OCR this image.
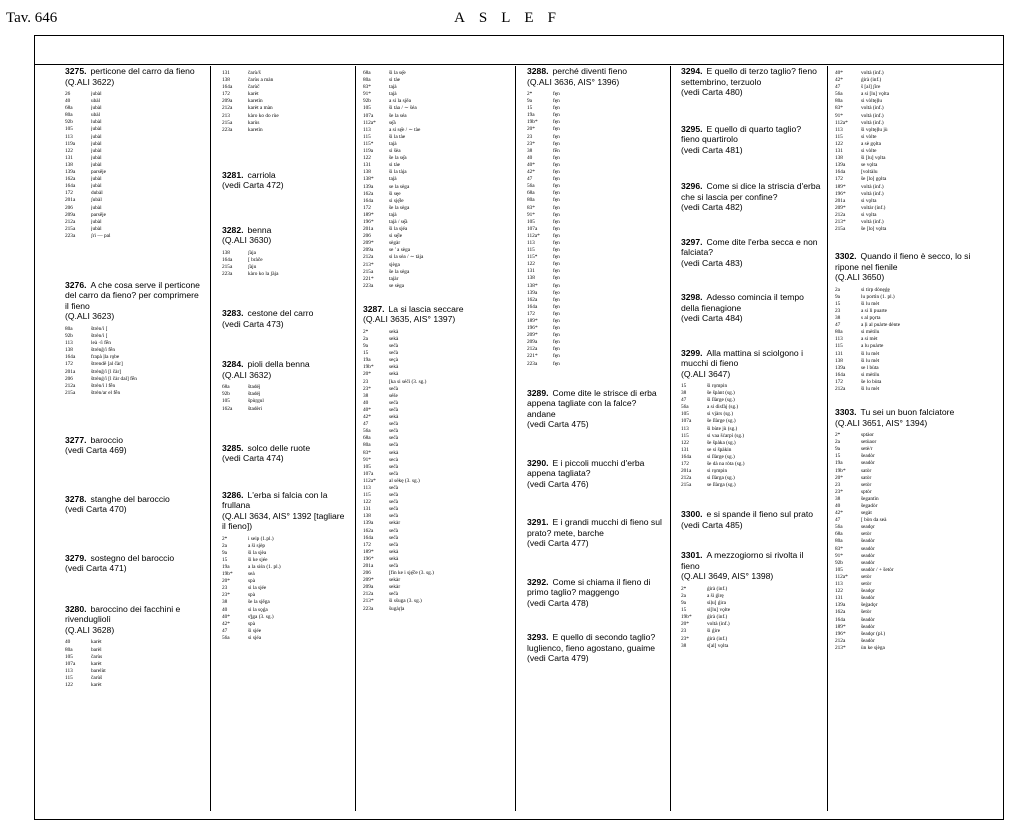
Tav. 646	ASLEF
3275. perticone del carro da fieno
(Q.ALI 3622)
26	jubàl
40	ubàl
68a	jubàl
80a	ubàl
92b	lubàl
105	jubàl
113	jubàl
119a	jubàl
122	jubàl
131	jubàl
138	jubàl
139a	parsěje
162a	jubàl
164a	jubàl
172	dubàl
201a	ʃubàl
206	jubàl
209a	parsěje
212a	jubàl
215a	jubàl
223a	ʃrì — pal
3276. A che cosa serve il perticone del carro da fieno? per comprimere il fieno
(Q.ALI 3623)
80a	štrèn/ì [
92b	štrèn/ì [
113	leà ∙/ì fḗn
138	štrénǧ/ì fḗn
164a	frapà ļla rǫbe
172	štrendě [al čàr]
201a	štrènǧ/ì [l čàr]
206	štrènǵ/ì [l čàr dal] fḗn
212a	štrèn/ì l fḗn
215a	štrèn/ar el fḗn
3277. baroccio
(vedi Carta 469)
3278. stanghe del baroccio
(vedi Carta 470)
3279. sostegno del baroccio
(vedi Carta 471)
3280. baroccino dei facchini e rivendugliolì
(Q.ALI 3628)
40	karèt
80a	barèl
105	čarùs
107a	karèt
113	barelùt
115	čarùš
122	karèt
131	čarù/š
138	čarùs a màn
164a	čarùč
172	karèt
209a	karetìn
212a	karèt a màn
213	kàro ko do rùe
215a	karùs
223a	karetìn
3281. carriola
(vedi Carta 472)
3282. benna
(Q.ALI 3630)
138	ʃàja
164a	[ bràče
215a	ʃàju
223a	kàro ko la ʃàja
3283. cestone del carro
(vedi Carta 473)
3284. pioli della benna
(Q.ALI 3632)
68a	štadéj
92b	štadéj
105	špùŗgul
162a	štadèri
3285. solco delle ruote
(vedi Carta 474)
3286. L'erba si falcia con la frullana
(Q.ALI 3634, AIS° 1392 [tagliare il fieno])
2*	i seip (1.pl.)
2a	a ši sjèp
9a	ši la sjèa
15	ši ke sjée
19a	a la siśn (1. pl.)
19b*	seà
20*	spà
23	si la sjée
23*	spà
38	še la sjěga
40	si la sǫǵa
40*	sǯga (3. sg.)
42*	spà
47	ši sjée
56a	si sjéa
68a	ši la sę̄e
80a	si tàe
83*	tajà
91*	tajà
92b	a si la sjěa
105	ši tàa / ∼ šéa
107a	še la séa
112a*	sę̄à
113	a si sę̄e / ∼ tàe
115	ši la tàe
115*	tajà
119a	si šèa
122	še la sę̄a
131	si tàe
138	ši la tàja
138*	tajà
139a	se la sèga
162a	ši sęe
164a	si sję̄le
172	še la sèga
189*	tajà
196*	tajà / sę̄à
201a	ši la sjéa
206	si sę̄le
209*	sègàr
209a	se ' a sèga
212a	si la sèa / ∼ tàja
213*	sjèga
215a	še la sèga
221*	tajàr
223a	se sèga
3287. La si lascia seccare
(Q.ALI 3635, AIS° 1397)
2*	sekà
2a	sekà
9a	sečà
15	sečà
19a	seçà
19b*	sekà
20*	sekà
23	[ka si séči (3. sg.)
23*	sečà
38	séše
40	sečà
40*	sečà
42*	sekà
47	sečà
56a	sečà
68a	sečà
80a	sečà
83*	sekà
91*	secà
105	sečà
107a	sečà
112a*	al sèkę (3. sg.)
113	sečà
115	sečà
122	sečà
131	sečà
138	sečà
139a	sekàr
162a	sečà
164a	sečà
172	sečà
189*	sekà
196*	sekà
201a	sečà
206	[fin ke i sję̄če (3. sg.)
209*	sekàr
209a	sekàr
212a	sečà
213*	ši sšuga (3. sg.)
223a	šugàŗļa
3288. perché diventi fieno
(Q.ALI 3636, AIS° 1396)
2*	fęn
9a	fęn
15	fęn
19a	fęn
19b*	fęn
20*	fęn
23	fęn
23*	fęn
38	fḗn
40	fęn
40*	fęn
42*	fęn
47	fęn
56a	fęn
68a	fęn
80a	fęn
83*	fęn
91*	fęn
105	fęn
107a	fęn
112a*	fęn
113	fęn
115	fęn
115*	fęn
122	fęn
131	fęn
138	fęn
138*	fęn
139a	fęo
162a	fęn
164a	fęn
172	fęn
189*	fęn
196*	fęn
209*	fęn
209a	fęn
212a	fęn
221*	fęn
223a	fęn
3289. Come dite le strisce di erba appena tagliate con la falce? andane
(vedi Carta 475)
3290. E i piccoli mucchi d'erba appena tagliata?
(vedi Carta 476)
3291. E i grandi mucchi di fieno sul prato? mete, barche
(vedi Carta 477)
3292. Come si chiama il fieno di primo taglio? maggengo
(vedi Carta 478)
3293. E quello di secondo taglio? luglienco, fieno agostano, guaime
(vedi Carta 479)
3294. E quello di terzo taglio? fieno settembrino, terzuolo
(vedi Carta 480)
3295. E quello di quarto taglio? fieno quartirolo
(vedi Carta 481)
3296. Come si dice la striscia d'erba che si lascia per confine?
(vedi Carta 482)
3297. Come dite l'erba secca e non falciata?
(vedi Carta 483)
3298. Adesso comincia il tempo della fienagione
(vedi Carta 484)
3299. Alla mattina si sciolgono i mucchi di fieno
(Q.ALI 3647)
15	ši rǫmpin
38	še špànt (sg.)
47	ši ſlàrge (sg.)
56a	a si disfàj (sg.)
105	si vjàrs (sg.)
107a	še ſlàrge (sg.)
113	ši bùte jù (sg.)
115	si vaa šćarpì (sg.)
122	še špàka (sg.)
131	se si špàkin
164a	si ſlàrge (sg.)
172	še dà na ròta (sg.)
201a	si rǫmpin
212a	si ſlàrga (sg.)
215a	se ſlàrga (sg.)
3300. e si spande il fieno sul prato
(vedi Carta 485)
3301. A mezzogiorno si rivolta il fieno
(Q.ALI 3649, AIS° 1398)
2*	ǵirà (inf.)
2a	a ši ǵirę
9a	siļu] ǵira
15	si[lu] vǫlte
19b*	ǵirà (inf.)
20*	voltà (inf.)
23	ši ǵire
23*	ǵirà (inf.)
38	s[al] vǫlta
40*	voltà (inf.)
42*	ǵirà (inf.)
47	š [al] ʃìre
56a	a si [lu] vǫlta
80a	si vòltęļlu
83*	voltà (inf.)
91*	voltà (inf.)
112a*	voltà (inf.)
113	ši vǫltęļlu jù
115	si vòlte
122	a sè gǫlta
131	si vòlte
138	ši [lu] vǫlta
139a	se vǫlta
164a	[voltàlu
172	še [lo] gǫlta
189*	voltà (inf.)
196*	voltà (inf.)
201a	si vǫlta
209*	voltàr (inf.)
212a	si vǫlta
213*	voltà (inf.)
215a	še [lo] vǫlta
3302. Quando il fieno è secco, lo si ripone nel fienile
(Q.ALI 3650)
2a	si tirp dònęǵę
9a	lu portìn (1. pl.)
15	ši lu mèt
23	a si li puarte
38	s al pǫrta
47	a ļi al puàrte dènte
80a	si mètilu
113	a si mèt
115	a lu puàrte
131	ši lu mèt
138	ši lu mèt
139a	se l bùta
164a	si mètilu
172	še lo bùta
212a	ši lu mèt
3303. Tu sei un buon falciatore
(Q.ALI 3651, AIS° 1394)
2*	sptàor
2a	setùaor
9a	setè/r
15	šeadòr
19a	seadòr
19b*	satòr
20*	satòr
23	setòr
23*	sptòr
38	šegantìn
40	šegadòr
42*	segàt
47	[ bòn da seà
56a	seadǫ̀r
68a	setòr
80a	šeadòr
83*	seadòr
91*	seadòr
92b	seadòr
105	seadòr / + šetòr
112a*	setòr
113	setòr
122	šeadǫ̀r
131	šeadòr
139a	šeġadǫ̀r
162a	šetòr
164a	šeadòr
189*	šeadòr
196*	šeadǫ̀r (pl.)
212a	šeadòr
213*	ùn ke sjèga
